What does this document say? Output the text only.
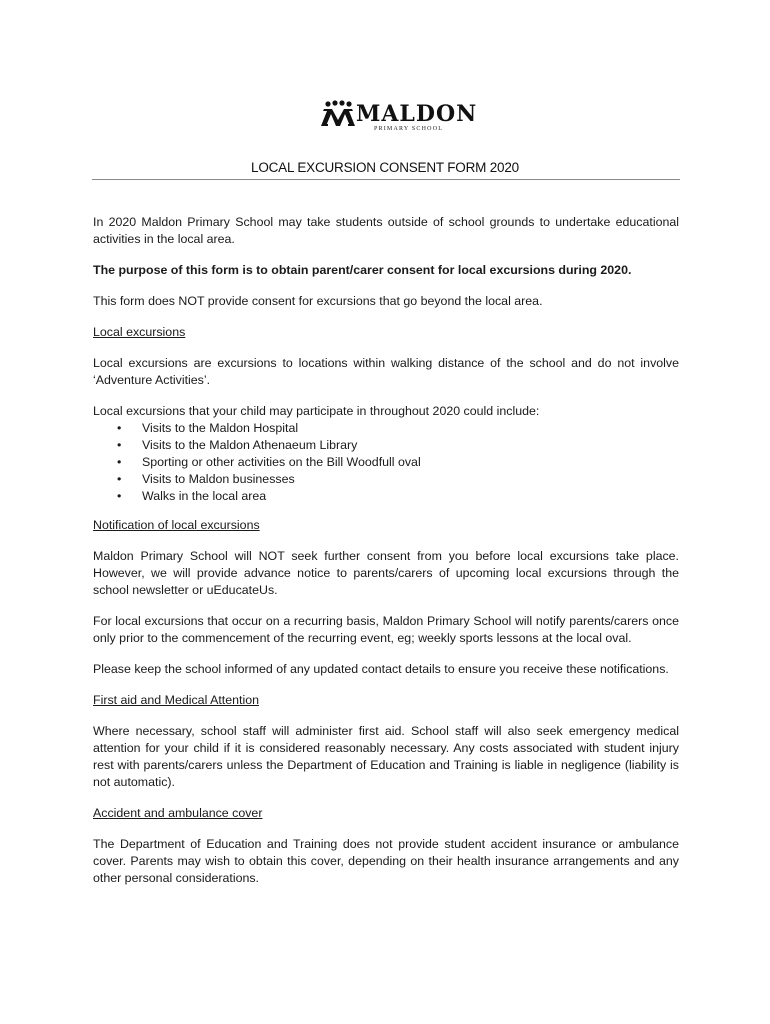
MALDON
PRIMARY SCHOOL
LOCAL EXCURSION CONSENT FORM 2020

In 2020 Maldon Primary School may take students outside of school grounds to undertake educational activities in the local area.

The purpose of this form is to obtain parent/carer consent for local excursions during 2020.

This form does NOT provide consent for excursions that go beyond the local area.

Local excursions

Local excursions are excursions to locations within walking distance of the school and do not involve ‘Adventure Activities’.

Local excursions that your child may participate in throughout 2020 could include:

• Visits to the Maldon Hospital
• Visits to the Maldon Athenaeum Library
• Sporting or other activities on the Bill Woodfull oval
• Visits to Maldon businesses
• Walks in the local area

Notification of local excursions

Maldon Primary School will NOT seek further consent from you before local excursions take place. However, we will provide advance notice to parents/carers of upcoming local excursions through the school newsletter or uEducateUs.

For local excursions that occur on a recurring basis, Maldon Primary School will notify parents/carers once only prior to the commencement of the recurring event, eg; weekly sports lessons at the local oval.

Please keep the school informed of any updated contact details to ensure you receive these notifications.

First aid and Medical Attention

Where necessary, school staff will administer first aid. School staff will also seek emergency medical attention for your child if it is considered reasonably necessary. Any costs associated with student injury rest with parents/carers unless the Department of Education and Training is liable in negligence (liability is not automatic).

Accident and ambulance cover

The Department of Education and Training does not provide student accident insurance or ambulance cover. Parents may wish to obtain this cover, depending on their health insurance arrangements and any other personal considerations.
